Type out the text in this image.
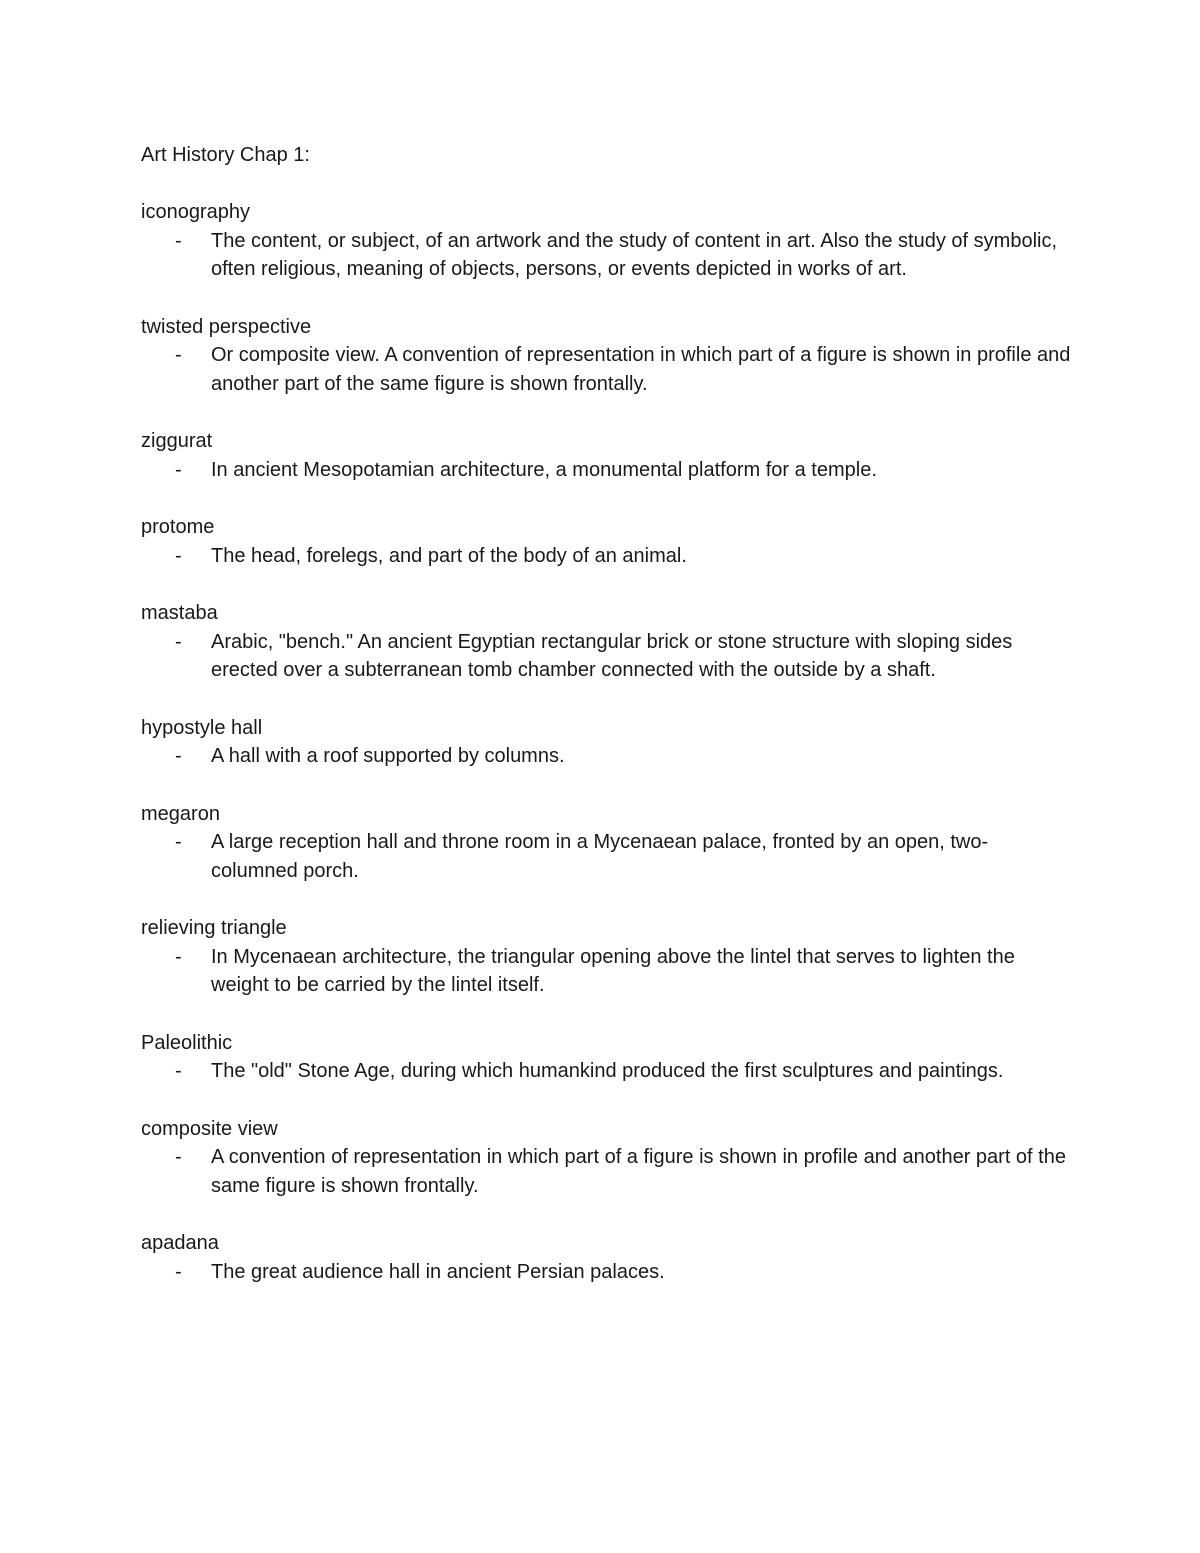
Art History Chap 1:

iconography

- The content, or subject, of an artwork and the study of content in art. Also the study of symbolic, often religious, meaning of objects, persons, or events depicted in works of art.

twisted perspective

- Or composite view. A convention of representation in which part of a figure is shown in profile and another part of the same figure is shown frontally.

ziggurat

- In ancient Mesopotamian architecture, a monumental platform for a temple.

protome

- The head, forelegs, and part of the body of an animal.

mastaba

- Arabic, "bench." An ancient Egyptian rectangular brick or stone structure with sloping sides erected over a subterranean tomb chamber connected with the outside by a shaft.

hypostyle hall

- A hall with a roof supported by columns.

megaron

- A large reception hall and throne room in a Mycenaean palace, fronted by an open, two-columned porch.

relieving triangle

- In Mycenaean architecture, the triangular opening above the lintel that serves to lighten the weight to be carried by the lintel itself.

Paleolithic

- The "old" Stone Age, during which humankind produced the first sculptures and paintings.

composite view

- A convention of representation in which part of a figure is shown in profile and another part of the same figure is shown frontally.

apadana

- The great audience hall in ancient Persian palaces.
